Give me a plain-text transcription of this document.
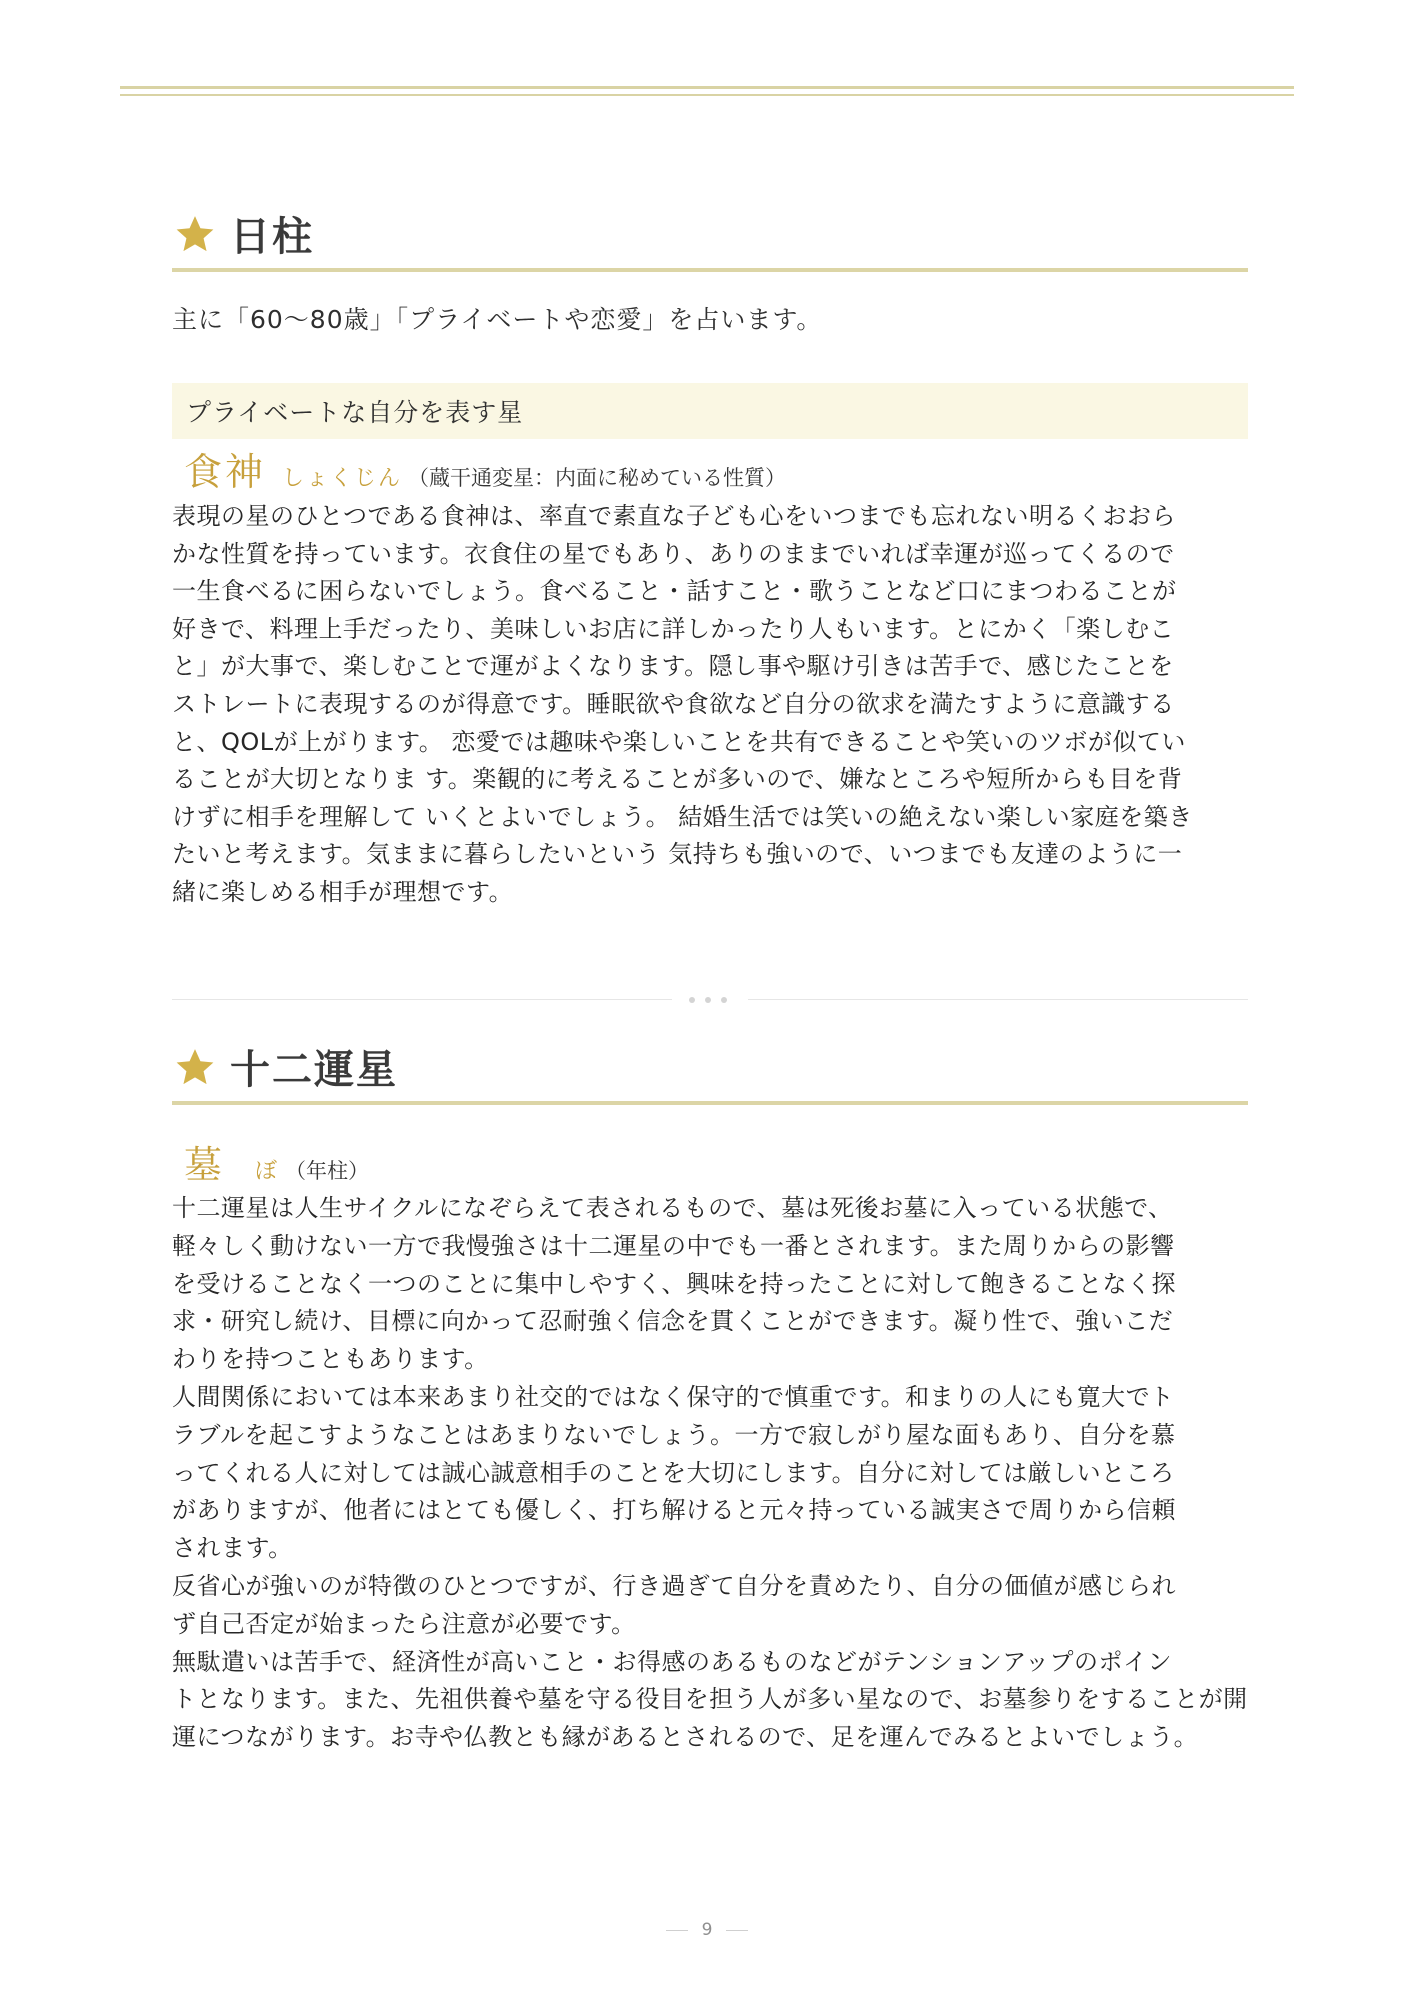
日柱
主に「60～80歳」「プライベートや恋愛」を占います。
プライベートな自分を表す星
食神 しょくじん （蔵干通変星：内面に秘めている性質）

表現の星のひとつである食神は、率直で素直な子ども心をいつまでも忘れない明るくおおら
かな性質を持っています。衣食住の星でもあり、ありのままでいれば幸運が巡ってくるので
一生食べるに困らないでしょう。食べること・話すこと・歌うことなど口にまつわることが
好きで、料理上手だったり、美味しいお店に詳しかったり人もいます。とにかく「楽しむこ
と」が大事で、楽しむことで運がよくなります。隠し事や駆け引きは苦手で、感じたことを
ストレートに表現するのが得意です。睡眠欲や食欲など自分の欲求を満たすように意識する
と、QOLが上がります。 恋愛では趣味や楽しいことを共有できることや笑いのツボが似てい
ることが大切となりま す。楽観的に考えることが多いので、嫌なところや短所からも目を背
けずに相手を理解して いくとよいでしょう。 結婚生活では笑いの絶えない楽しい家庭を築き
たいと考えます。気ままに暮らしたいという 気持ちも強いので、いつまでも友達のように一
緒に楽しめる相手が理想です。

十二運星
墓 ぼ （年柱）

十二運星は人生サイクルになぞらえて表されるもので、墓は死後お墓に入っている状態で、
軽々しく動けない一方で我慢強さは十二運星の中でも一番とされます。また周りからの影響
を受けることなく一つのことに集中しやすく、興味を持ったことに対して飽きることなく探
求・研究し続け、目標に向かって忍耐強く信念を貫くことができます。凝り性で、強いこだ
わりを持つこともあります。
人間関係においては本来あまり社交的ではなく保守的で慎重です。和まりの人にも寛大でト
ラブルを起こすようなことはあまりないでしょう。一方で寂しがり屋な面もあり、自分を慕
ってくれる人に対しては誠心誠意相手のことを大切にします。自分に対しては厳しいところ
がありますが、他者にはとても優しく、打ち解けると元々持っている誠実さで周りから信頼
されます。
反省心が強いのが特徴のひとつですが、行き過ぎて自分を責めたり、自分の価値が感じられ
ず自己否定が始まったら注意が必要です。
無駄遣いは苦手で、経済性が高いこと・お得感のあるものなどがテンションアップのポイン
トとなります。また、先祖供養や墓を守る役目を担う人が多い星なので、お墓参りをすることが開
運につながります。お寺や仏教とも縁があるとされるので、足を運んでみるとよいでしょう。

9
